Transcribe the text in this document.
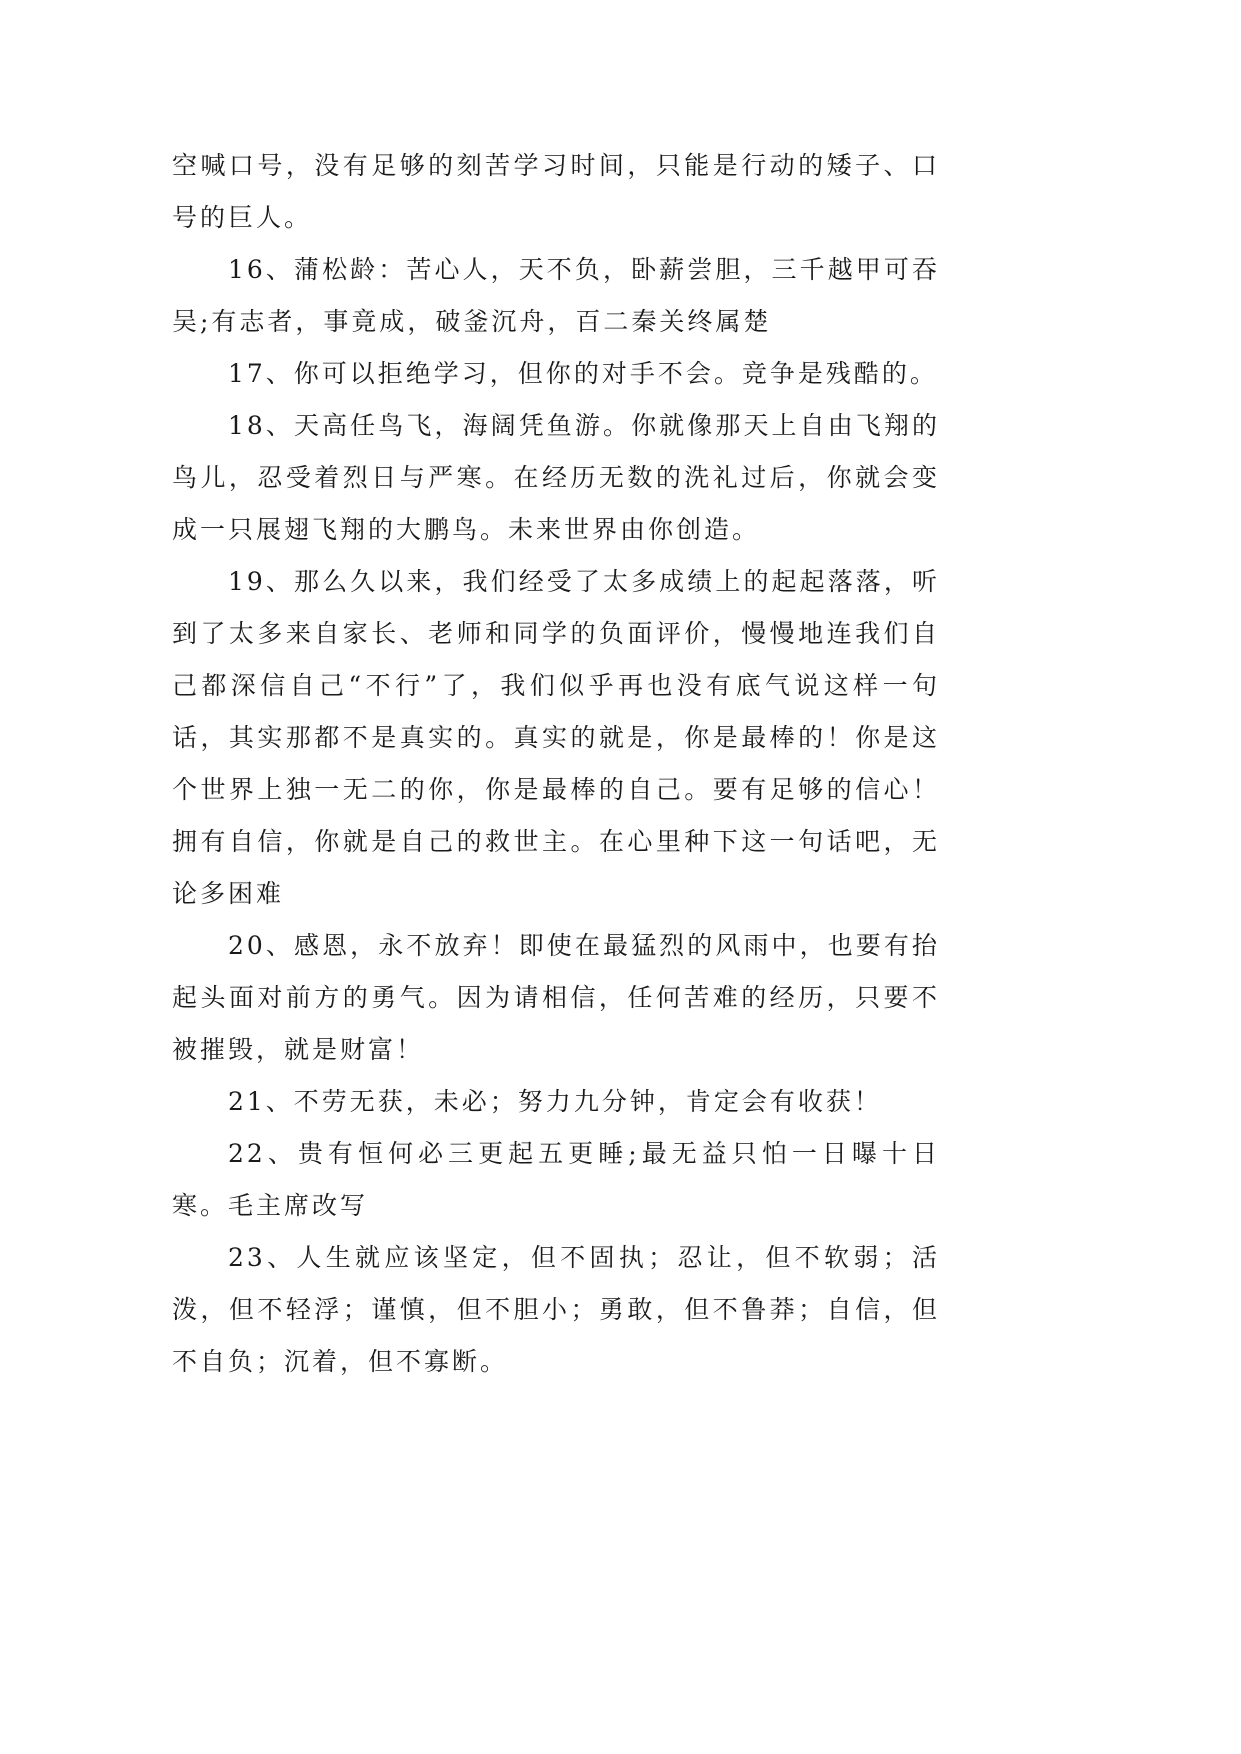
空喊口号，没有足够的刻苦学习时间，只能是行动的矮子、口号的巨人。

16、蒲松龄：苦心人，天不负，卧薪尝胆，三千越甲可吞吴;有志者，事竟成，破釜沉舟，百二秦关终属楚

17、你可以拒绝学习，但你的对手不会。竞争是残酷的。

18、天高任鸟飞，海阔凭鱼游。你就像那天上自由飞翔的鸟儿，忍受着烈日与严寒。在经历无数的洗礼过后，你就会变成一只展翅飞翔的大鹏鸟。未来世界由你创造。

19、那么久以来，我们经受了太多成绩上的起起落落，听到了太多来自家长、老师和同学的负面评价，慢慢地连我们自己都深信自己“不行”了，我们似乎再也没有底气说这样一句话，其实那都不是真实的。真实的就是，你是最棒的！你是这个世界上独一无二的你，你是最棒的自己。要有足够的信心！拥有自信，你就是自己的救世主。在心里种下这一句话吧，无论多困难

20、感恩，永不放弃！即使在最猛烈的风雨中，也要有抬起头面对前方的勇气。因为请相信，任何苦难的经历，只要不被摧毁，就是财富！

21、不劳无获，未必；努力九分钟，肯定会有收获！

22、贵有恒何必三更起五更睡;最无益只怕一日曝十日寒。毛主席改写

23、人生就应该坚定，但不固执；忍让，但不软弱；活泼，但不轻浮；谨慎，但不胆小；勇敢，但不鲁莽；自信，但不自负；沉着，但不寡断。
